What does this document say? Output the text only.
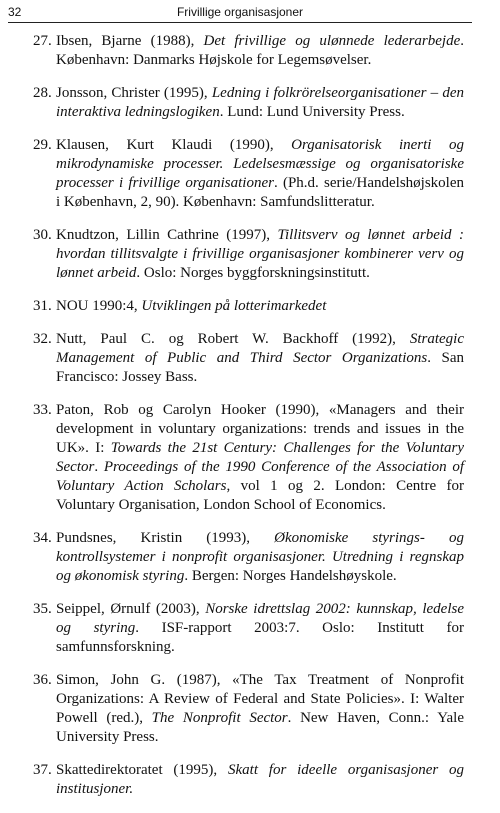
32	Frivillige organisasjoner
27. Ibsen, Bjarne (1988), Det frivillige og ulønnede lederarbejde. København: Danmarks Højskole for Legemsøvelser.
28. Jonsson, Christer (1995), Ledning i folkrörelseorganisationer – den interaktiva ledningslogiken. Lund: Lund University Press.
29. Klausen, Kurt Klaudi (1990), Organisatorisk inerti og mikrodynamiske processer. Ledelsesmæssige og organisatoriske processer i frivillige organisationer. (Ph.d. serie/Handelshøjskolen i København, 2, 90). København: Samfundslitteratur.
30. Knudtzon, Lillin Cathrine (1997), Tillitsverv og lønnet arbeid : hvordan tillitsvalgte i frivillige organisasjoner kombinerer verv og lønnet arbeid. Oslo: Norges byggforskningsinstitutt.
31. NOU 1990:4, Utviklingen på lotterimarkedet
32. Nutt, Paul C. og Robert W. Backhoff (1992), Strategic Management of Public and Third Sector Organizations. San Francisco: Jossey Bass.
33. Paton, Rob og Carolyn Hooker (1990), «Managers and their development in voluntary organizations: trends and issues in the UK». I: Towards the 21st Century: Challenges for the Voluntary Sector. Proceedings of the 1990 Conference of the Association of Voluntary Action Scholars, vol 1 og 2. London: Centre for Voluntary Organisation, London School of Economics.
34. Pundsnes, Kristin (1993), Økonomiske styrings- og kontrollsystemer i nonprofit organisasjoner. Utredning i regnskap og økonomisk styring. Bergen: Norges Handelshøyskole.
35. Seippel, Ørnulf (2003), Norske idrettslag 2002: kunnskap, ledelse og styring. ISF-rapport 2003:7. Oslo: Institutt for samfunnsforskning.
36. Simon, John G. (1987), «The Tax Treatment of Nonprofit Organizations: A Review of Federal and State Policies». I: Walter Powell (red.), The Nonprofit Sector. New Haven, Conn.: Yale University Press.
37. Skattedirektoratet (1995), Skatt for ideelle organisasjoner og institusjoner.
